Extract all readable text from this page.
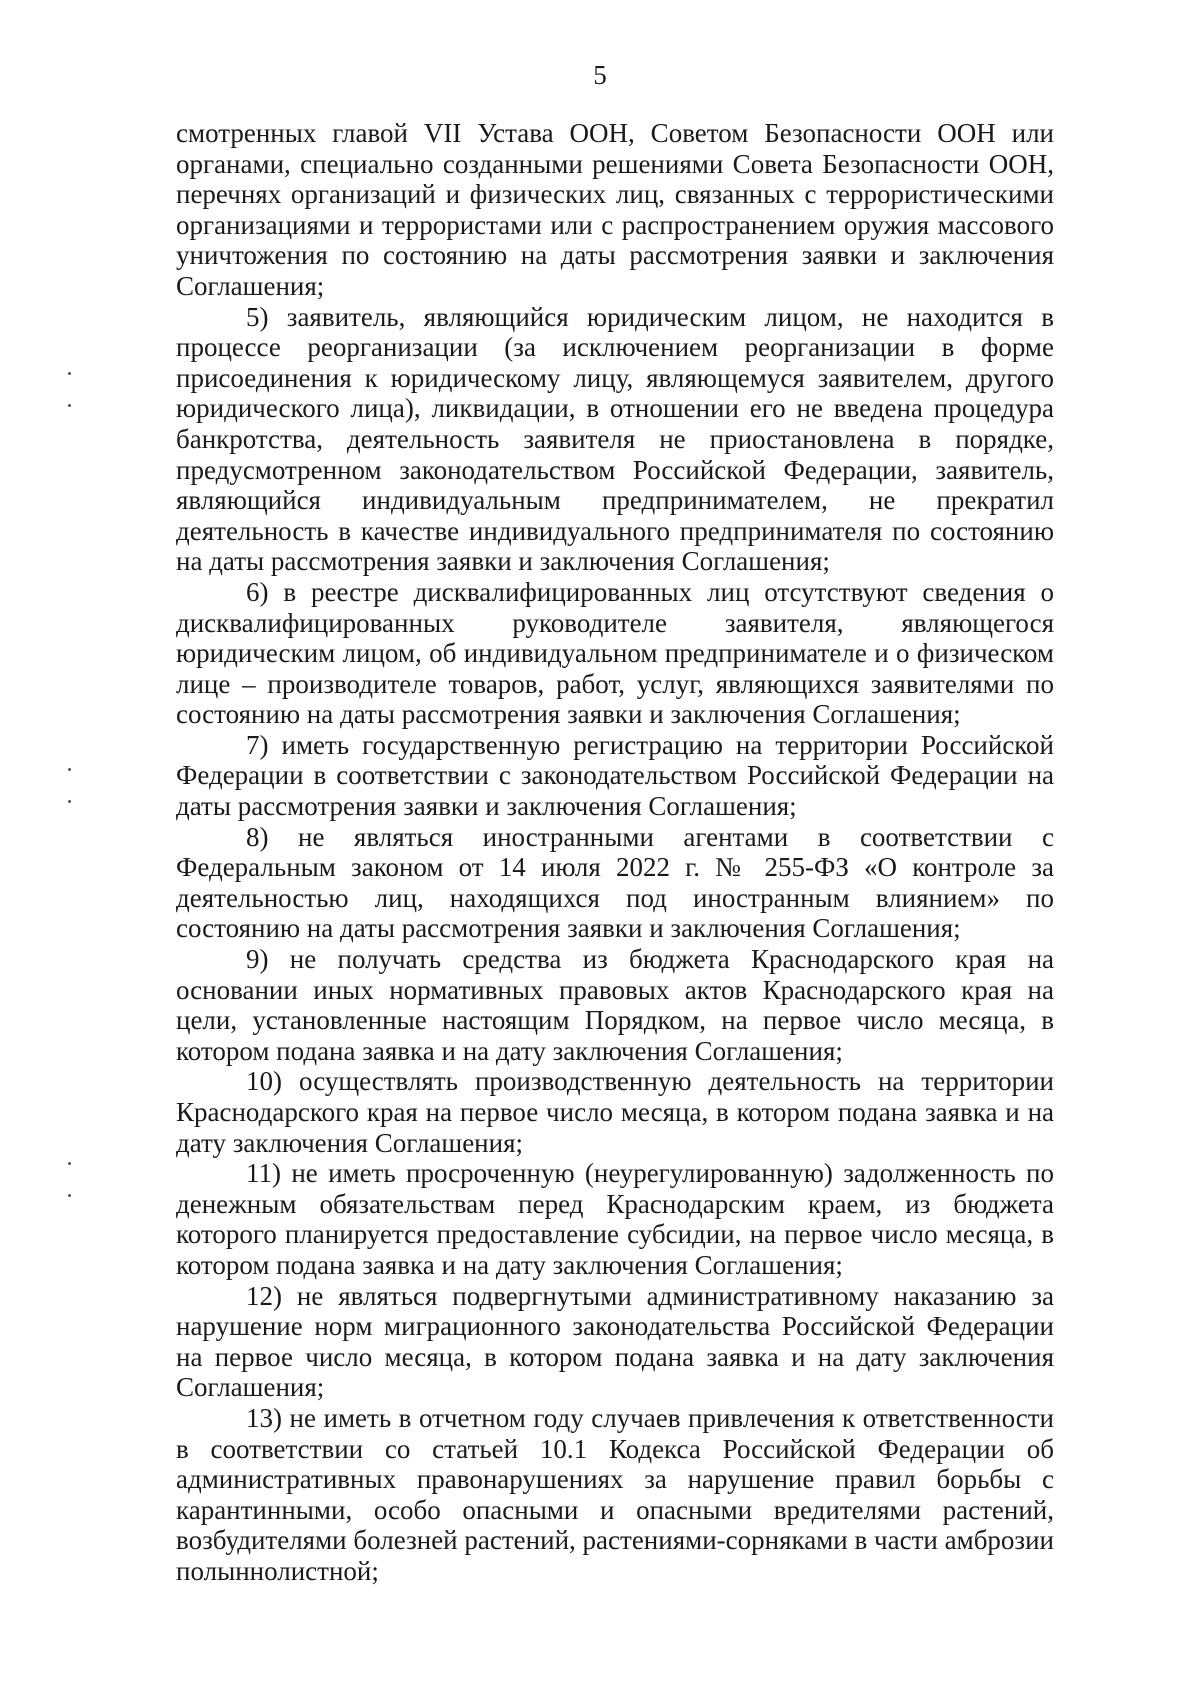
5

смотренных главой VII Устава ООН, Советом Безопасности ООН или органами, специально созданными решениями Совета Безопасности ООН, перечнях организаций и физических лиц, связанных с террористическими организациями и террористами или с распространением оружия массового уничтожения по состоянию на даты рассмотрения заявки и заключения Соглашения;

5) заявитель, являющийся юридическим лицом, не находится в процессе реорганизации (за исключением реорганизации в форме присоединения к юридическому лицу, являющемуся заявителем, другого юридического лица), ликвидации, в отношении его не введена процедура банкротства, деятельность заявителя не приостановлена в порядке, предусмотренном законодательством Российской Федерации, заявитель, являющийся индивидуальным предпринимателем, не прекратил деятельность в качестве индивидуального предпринимателя по состоянию на даты рассмотрения заявки и заключения Соглашения;

6) в реестре дисквалифицированных лиц отсутствуют сведения о дисквалифицированных руководителе заявителя, являющегося юридическим лицом, об индивидуальном предпринимателе и о физическом лице – производителе товаров, работ, услуг, являющихся заявителями по состоянию на даты рассмотрения заявки и заключения Соглашения;

7) иметь государственную регистрацию на территории Российской Федерации в соответствии с законодательством Российской Федерации на даты рассмотрения заявки и заключения Соглашения;

8) не являться иностранными агентами в соответствии с Федеральным законом от 14 июля 2022 г. № 255-ФЗ «О контроле за деятельностью лиц, находящихся под иностранным влиянием» по состоянию на даты рассмотрения заявки и заключения Соглашения;

9) не получать средства из бюджета Краснодарского края на основании иных нормативных правовых актов Краснодарского края на цели, установленные настоящим Порядком, на первое число месяца, в котором подана заявка и на дату заключения Соглашения;

10) осуществлять производственную деятельность на территории Краснодарского края на первое число месяца, в котором подана заявка и на дату заключения Соглашения;

11) не иметь просроченную (неурегулированную) задолженность по денежным обязательствам перед Краснодарским краем, из бюджета которого планируется предоставление субсидии, на первое число месяца, в котором подана заявка и на дату заключения Соглашения;

12) не являться подвергнутыми административному наказанию за нарушение норм миграционного законодательства Российской Федерации на первое число месяца, в котором подана заявка и на дату заключения Соглашения;

13) не иметь в отчетном году случаев привлечения к ответственности в соответствии со статьей 10.1 Кодекса Российской Федерации об административных правонарушениях за нарушение правил борьбы с карантинными, особо опасными и опасными вредителями растений, возбудителями болезней растений, растениями-сорняками в части амброзии полыннолистной;
